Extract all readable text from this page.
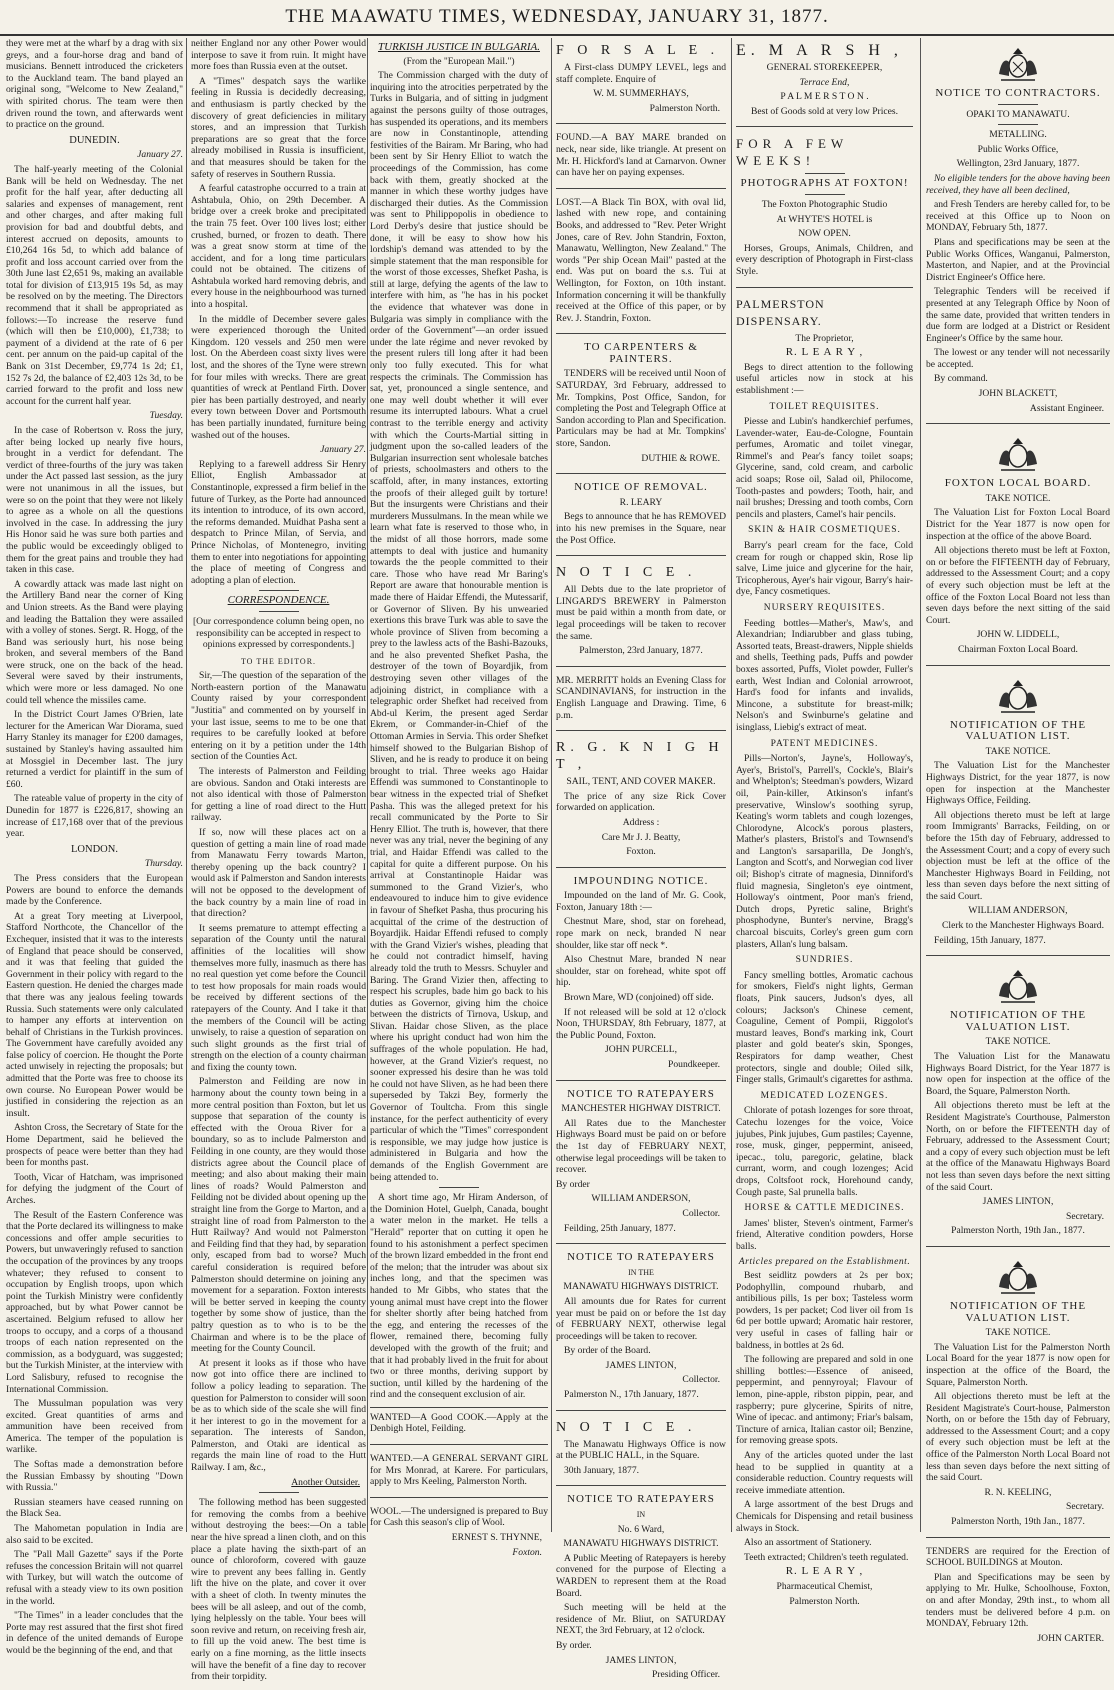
THE MAAWATU TIMES, WEDNESDAY, JANUARY 31, 1877.

they were met at the wharf by a drag with six greys, and a four-horse drag and band of musicians. Bennett introduced the cricketers to the Auckland team. The band played an original song, "Welcome to New Zealand," with spirited chorus. The team were then driven round the town, and afterwards went to practice on the ground.

DUNEDIN.

January 27.

The half-yearly meeting of the Colonial Bank will be held on Wednesday. The net profit for the half year, after deducting all salaries and expenses of management, rent and other charges, and after making full provision for bad and doubtful debts, and interest accrued on deposits, amounts to £10,264 16s 5d, to which add balance of profit and loss account carried over from the 30th June last £2,651 9s, making an available total for division of £13,915 19s 5d, as may be resolved on by the meeting. The Directors recommend that it shall be appropriated as follows:—To increase the reserve fund (which will then be £10,000), £1,738; to payment of a dividend at the rate of 6 per cent. per annum on the paid-up capital of the Bank on 31st December, £9,774 1s 2d; £1, 152 7s 2d, the balance of £2,403 12s 3d, to be carried forward to the profit and loss new account for the current half year.

Tuesday.

In the case of Robertson v. Ross the jury, after being locked up nearly five hours, brought in a verdict for defendant. The verdict of three-fourths of the jury was taken under the Act passed last session, as the jury were not unanimous in all the issues, but were so on the point that they were not likely to agree as a whole on all the questions involved in the case. In addressing the jury His Honor said he was sure both parties and the public would be exceedingly obliged to them for the great pains and trouble they had taken in this case.

A cowardly attack was made last night on the Artillery Band near the corner of King and Union streets. As the Band were playing and leading the Battalion they were assailed with a volley of stones. Sergt. R. Hogg, of the Band was seriously hurt, his nose being broken, and several members of the Band were struck, one on the back of the head. Several were saved by their instruments, which were more or less damaged. No one could tell whence the missiles came.

In the District Court James O'Brien, late lecturer for the American War Diorama, sued Harry Stanley its manager for £200 damages, sustained by Stanley's having assaulted him at Mossgiel in December last. The jury returned a verdict for plaintiff in the sum of £60.

The rateable value of property in the city of Dunedin for 1877 is £226,817, showing an increase of £17,168 over that of the previous year.

LONDON.

Thursday.

The Press considers that the European Powers are bound to enforce the demands made by the Conference.

At a great Tory meeting at Liverpool, Stafford Northcote, the Chancellor of the Exchequer, insisted that it was to the interests of England that peace should be conserved, and it was that feeling that guided the Government in their policy with regard to the Eastern question. He denied the charges made that there was any jealous feeling towards Russia. Such statements were only calculated to hamper any efforts at intervention on behalf of Christians in the Turkish provinces. The Government have carefully avoided any false policy of coercion. He thought the Porte acted unwisely in rejecting the proposals; but admitted that the Porte was free to choose its own course. No European Power would be justified in considering the rejection as an insult.

Ashton Cross, the Secretary of State for the Home Department, said he believed the prospects of peace were better than they had been for months past.

Tooth, Vicar of Hatcham, was imprisoned for defying the judgment of the Court of Arches.

The Result of the Eastern Conference was that the Porte declared its willingness to make concessions and offer ample securities to Powers, but unwaveringly refused to sanction the occupation of the provinces by any troops whatever; they refused to consent to occupation by English troops, upon which point the Turkish Ministry were confidently approached, but by what Power cannot be ascertained. Belgium refused to allow her troops to occupy, and a corps of a thousand troops of each nation represented on the commission, as a bodyguard, was suggested; but the Turkish Minister, at the interview with Lord Salisbury, refused to recognise the International Commission.

The Mussulman population was very excited. Great quantities of arms and ammunition have been received from America. The temper of the population is warlike.

The Softas made a demonstration before the Russian Embassy by shouting "Down with Russia."

Russian steamers have ceased running on the Black Sea.

The Mahometan population in India are also said to be excited.

The "Pall Mall Gazette" says if the Porte refuses the concession Britain will not quarrel with Turkey, but will watch the outcome of refusal with a steady view to its own position in the world.

"The Times" in a leader concludes that the Porte may rest assured that the first shot fired in defence of the united demands of Europe would be the beginning of the end, and that

neither England nor any other Power would interpose to save it from ruin. It might have more foes than Russia even at the outset.

A "Times" despatch says the warlike feeling in Russia is decidedly decreasing, and enthusiasm is partly checked by the discovery of great deficiencies in military stores, and an impression that Turkish preparations are so great that the force already mobilised in Russia is insufficient, and that measures should be taken for the safety of reserves in Southern Russia.

A fearful catastrophe occurred to a train at Ashtabula, Ohio, on 29th December. A bridge over a creek broke and precipitated the train 75 feet. Over 100 lives lost; either crushed, burned, or frozen to death. There was a great snow storm at time of the accident, and for a long time particulars could not be obtained. The citizens of Ashtabula worked hard removing debris, and every house in the neighbourhood was turned into a hospital.

In the middle of December severe gales were experienced thorough the United Kingdom. 120 vessels and 250 men were lost. On the Aberdeen coast sixty lives were lost, and the shores of the Tyne were strewn for four miles with wrecks. There are great quantities of wreck at Pentland Firth. Dover pier has been partially destroyed, and nearly every town between Dover and Portsmouth has been partially inundated, furniture being washed out of the houses.

January 27.

Replying to a farewell address Sir Henry Elliot, English Ambassador at Constantinople, expressed a firm belief in the future of Turkey, as the Porte had announced its intention to introduce, of its own accord, the reforms demanded. Muidhat Pasha sent a despatch to Prince Milan, of Servia, and Prince Nicholas, of Montenegro, inviting them to enter into negotiations for appointing the place of meeting of Congress and adopting a plan of election.

CORRESPONDENCE.

[Our correspondence column being open, no responsibility can be accepted in respect to opinions expressed by correspondents.]

TO THE EDITOR.

Sir,—The question of the separation of the North-eastern portion of the Manawatu County raised by your correspondent "Justitia" and commented on by yourself in your last issue, seems to me to be one that requires to be carefully looked at before entering on it by a petition under the 14th section of the Counties Act.

The interests of Palmerston and Feilding are obvious. Sandon and Otaki interests are not also identical with those of Palmerston for getting a line of road direct to the Hutt railway.

If so, now will these places act on a question of getting a main line of road made from Manawatu Ferry towards Marton, thereby opening up the back country? I would ask if Palmerston and Sandon interests will not be opposed to the development of the back country by a main line of road in that direction?

It seems premature to attempt effecting a separation of the County until the natural affinities of the localities will show themselves more fully, inasmuch as there has no real question yet come before the Council to test how proposals for main roads would be received by different sections of the ratepayers of the County. And I take it that the members of the Council will be acting unwisely, to raise a question of separation on such slight grounds as the first trial of strength on the election of a county chairman and fixing the county town.

Palmerston and Feilding are now in harmony about the county town being in a more central position than Foxton, but let us suppose that separation of the county is effected with the Oroua River for a boundary, so as to include Palmerston and Feilding in one county, are they would those districts agree about the Council place of meeting; and also about making their main lines of roads? Would Palmerston and Feilding not be divided about opening up the straight line from the Gorge to Marton, and a straight line of road from Palmerston to the Hutt Railway? And would not Palmerston and Feilding find that they had, by separation only, escaped from bad to worse? Much careful consideration is required before Palmerston should determine on joining any movement for a separation. Foxton interests will be better served in keeping the county together by some show of justice, than the paltry question as to who is to be the Chairman and where is to be the place of meeting for the County Council.

At present it looks as if those who have now got into office there are inclined to follow a policy leading to separation. The question for Palmerston to consider will soon be as to which side of the scale she will find it her interest to go in the movement for a separation. The interests of Sandon, Palmerston, and Otaki are identical as regards the main line of road to the Hutt Railway. I am, &c.,

Another Outsider.

The following method has been suggested for removing the combs from a beehive without destroying the bees:—On a table near the hive spread a linen cloth, and on this place a plate having the sixth-part of an ounce of chloroform, covered with gauze wire to prevent any bees falling in. Gently lift the hive on the plate, and cover it over with a sheet of cloth. In twenty minutes the bees will be all asleep, and out of the comb, lying helplessly on the table. Your bees will soon revive and return, on receiving fresh air, to fill up the void anew. The best time is early on a fine morning, as the little insects will have the benefit of a fine day to recover from their torpidity.

TURKISH JUSTICE IN BULGARIA.

(From the "European Mail.")

The Commission charged with the duty of inquiring into the atrocities perpetrated by the Turks in Bulgaria, and of sitting in judgment against the persons guilty of those outrages, has suspended its operations, and its members are now in Constantinople, attending festivities of the Bairam. Mr Baring, who had been sent by Sir Henry Elliot to watch the proceedings of the Commission, has come back with them, greatly shocked at the manner in which these worthy judges have discharged their duties. As the Commission was sent to Philippopolis in obedience to Lord Derby's desire that justice should be done, it will be easy to show how his lordship's demand was attended to by the simple statement that the man responsible for the worst of those excesses, Shefket Pasha, is still at large, defying the agents of the law to interfere with him, as "he has in his pocket the evidence that whatever was done in Bulgaria was simply in compliance with the order of the Government"—an order issued under the late régime and never revoked by the present rulers till long after it had been only too fully executed. This for what respects the criminals. The Commission has sat, yet, pronounced a single sentence, and one may well doubt whether it will ever resume its interrupted labours. What a cruel contrast to the terrible energy and activity with which the Courts-Martial sitting in judgment upon the so-called leaders of the Bulgarian insurrection sent wholesale batches of priests, schoolmasters and others to the scaffold, after, in many instances, extorting the proofs of their alleged guilt by torture! But the insurgents were Christians and their murderers Mussulmans. In the mean while we learn what fate is reserved to those who, in the midst of all those horrors, made some attempts to deal with justice and humanity towards the the people committed to their care. Those who have read Mr Baring's Report are aware that honourable mention is made there of Haidar Effendi, the Mutessarif, or Governor of Sliven. By his unwearied exertions this brave Turk was able to save the whole province of Sliven from becoming a prey to the lawless acts of the Bashi-Bazouks, and he also prevented Shefket Pasha, the destroyer of the town of Boyardjik, from destroying seven other villages of the adjoining district, in compliance with a telegraphic order Shefket had received from Abd-ul Kerim, the present aged Serdar Ekrem, or Commander-in-Chief of the Ottoman Armies in Servia. This order Shefket himself showed to the Bulgarian Bishop of Sliven, and he is ready to produce it on being brought to trial. Three weeks ago Haidar Effendi was summoned to Constantinople to bear witness in the expected trial of Shefket Pasha. This was the alleged pretext for his recall communicated by the Porte to Sir Henry Elliot. The truth is, however, that there never was any trial, never the begining of any trial, and Haidar Effendi was called to the capital for quite a different purpose. On his arrival at Constantinople Haidar was summoned to the Grand Vizier's, who endeavoured to induce him to give evidence in favour of Shefket Pasha, thus procuring his acquittal of the crime of the destruction of Boyardjik. Haidar Effendi refused to comply with the Grand Vizier's wishes, pleading that he could not contradict himself, having already told the truth to Messrs. Schuyler and Baring. The Grand Vizier then, affecting to respect his scruples, bade him go back to his duties as Governor, giving him the choice between the districts of Tirnova, Uskup, and Slivan. Haidar chose Sliven, as the place where his upright conduct had won him the suffrages of the whole population. He had, however, at the Grand Vizier's request, no sooner expressed his desire than he was told he could not have Sliven, as he had been there superseded by Takzi Bey, formerly the Governor of Toultcha. From this single instance, for the perfect authenticity of every particular of which the "Times" correspondent is responsible, we may judge how justice is administered in Bulgaria and how the demands of the English Government are being attended to.

A short time ago, Mr Hiram Anderson, of the Dominion Hotel, Guelph, Canada, bought a water melon in the market. He tells a "Herald" reporter that on cutting it open he found to his astonishment a perfect specimen of the brown lizard embedded in the front end of the melon; that the intruder was about six inches long, and that the specimen was handed to Mr Gibbs, who states that the young animal must have crept into the flower for shelter shortly after being hatched from the egg, and entering the recesses of the flower, remained there, becoming fully developed with the growth of the fruit; and that it had probably lived in the fruit for about two or three months, deriving support by suction, until killed by the hardening of the rind and the consequent exclusion of air.

WANTED—A Good COOK.—Apply at the Denbigh Hotel, Feilding.

WANTED.—A GENERAL SERVANT GIRL for Mrs Monrad, at Karere. For particulars, apply to Mrs Keeling, Palmerston North.

WOOL.—The undersigned is prepared to Buy for Cash this season's clip of Wool.

ERNEST S. THYNNE,

Foxton.

F O R S A L E .

A First-class DUMPY LEVEL, legs and staff complete. Enquire of

W. M. SUMMERHAYS,

Palmerston North.

FOUND.—A BAY MARE branded on neck, near side, like triangle. At present on Mr. H. Hickford's land at Carnarvon. Owner can have her on paying expenses.

LOST.—A Black Tin BOX, with oval lid, lashed with new rope, and containing Books, and addressed to "Rev. Peter Wright Jones, care of Rev. John Standrin, Foxton, Manawatu, Wellington, New Zealand." The words "Per ship Ocean Mail" pasted at the end. Was put on board the s.s. Tui at Wellington, for Foxton, on 10th instant. Information concerning it will be thankfully received at the Office of this paper, or by Rev. J. Standrin, Foxton.

TO CARPENTERS & PAINTERS.

TENDERS will be received until Noon of SATURDAY, 3rd February, addressed to Mr. Tompkins, Post Office, Sandon, for completing the Post and Telegraph Office at Sandon according to Plan and Specification. Particulars may be had at Mr. Tompkins' store, Sandon.

DUTHIE & ROWE.

NOTICE OF REMOVAL.

R. LEARY

Begs to announce that he has REMOVED into his new premises in the Square, near the Post Office.

N O T I C E .

All Debts due to the late proprietor of LINGARD'S BREWERY in Palmerston must be paid within a month from date, or legal proceedings will be taken to recover the same.

Palmerston, 23rd January, 1877.

MR. MERRITT holds an Evening Class for SCANDINAVIANS, for instruction in the English Language and Drawing. Time, 6 p.m.

R. G. K N I G H T ,

SAIL, TENT, AND COVER MAKER.

The price of any size Rick Cover forwarded on application.

Address :

Care Mr J. J. Beatty,

Foxton.

IMPOUNDING NOTICE.

Impounded on the land of Mr. G. Cook, Foxton, January 18th :—

Chestnut Mare, shod, star on forehead, rope mark on neck, branded N near shoulder, like star off neck *.

Also Chestnut Mare, branded N near shoulder, star on forehead, white spot off hip.

Brown Mare, WD (conjoined) off side.

If not released will be sold at 12 o'clock Noon, THURSDAY, 8th February, 1877, at the Public Pound, Foxton.

JOHN PURCELL,

Poundkeeper.

NOTICE TO RATEPAYERS

MANCHESTER HIGHWAY DISTRICT.

All Rates due to the Manchester Highways Board must be paid on or before the 1st day of FEBRUARY NEXT, otherwise legal proceedings will be taken to recover.

By order

WILLIAM ANDERSON,

Collector.

Feilding, 25th January, 1877.

NOTICE TO RATEPAYERS

IN THE

MANAWATU HIGHWAYS DISTRICT.

All amounts due for Rates for current year must be paid on or before the 1st day of FEBRUARY NEXT, otherwise legal proceedings will be taken to recover.

By order of the Board.

JAMES LINTON,

Collector.

Palmerston N., 17th January, 1877.

N O T I C E .

The Manawatu Highways Office is now at the PUBLIC HALL, in the Square.

30th January, 1877.

NOTICE TO RATEPAYERS

IN

No. 6 Ward,

MANAWATU HIGHWAYS DISTRICT.

A Public Meeting of Ratepayers is hereby convened for the purpose of Electing a WARDEN to represent them at the Road Board.

Such meeting will be held at the residence of Mr. Bliut, on SATURDAY NEXT, the 3rd February, at 12 o'clock.

By order.

JAMES LINTON,

Presiding Officer.

E. M A R S H ,

GENERAL STOREKEEPER,

Terrace End,

P A L M E R S T O N .

Best of Goods sold at very low Prices.

FOR A FEW WEEKS!

PHOTOGRAPHS AT FOXTON!

The Foxton Photographic Studio

At WHYTE'S HOTEL is

NOW OPEN.

Horses, Groups, Animals, Children, and every description of Photograph in First-class Style.

PALMERSTON DISPENSARY.

The Proprietor,

R. L E A R Y ,

Begs to direct attention to the following useful articles now in stock at his establishment :—

TOILET REQUISITES.

Piesse and Lubin's handkerchief perfumes, Lavender-water, Eau-de-Cologne, Fountain perfumes, Aromatic and toilet vinegar, Rimmel's and Pear's fancy toilet soaps; Glycerine, sand, cold cream, and carbolic acid soaps; Rose oil, Salad oil, Philocome, Tooth-pastes and powders; Tooth, hair, and nail brushes; Dressing and tooth combs, Corn pencils and plasters, Camel's hair pencils.

SKIN & HAIR COSMETIQUES.

Barry's pearl cream for the face, Cold cream for rough or chapped skin, Rose lip salve, Lime juice and glycerine for the hair, Tricopherous, Ayer's hair vigour, Barry's hair-dye, Fancy cosmetiques.

NURSERY REQUISITES.

Feeding bottles—Mather's, Maw's, and Alexandrian; Indiarubber and glass tubing, Assorted teats, Breast-drawers, Nipple shields and shells, Teething pads, Puffs and powder boxes assorted, Puffs, Violet powder, Fuller's earth, West Indian and Colonial arrowroot, Hard's food for infants and invalids, Mincone, a substitute for breast-milk; Nelson's and Swinburne's gelatine and isinglass, Liebig's extract of meat.

PATENT MEDICINES.

Pills—Norton's, Jayne's, Holloway's, Ayer's, Bristol's, Parrell's, Cockle's, Blair's and Whelpton's; Steedman's powders, Wizard oil, Pain-killer, Atkinson's infant's preservative, Winslow's soothing syrup, Keating's worm tablets and cough lozenges, Chlorodyne, Alcock's porous plasters, Mather's plasters, Bristol's and Townsend's and Langton's sarsaparilla, De Jongh's, Langton and Scott's, and Norwegian cod liver oil; Bishop's citrate of magnesia, Dinniford's fluid magnesia, Singleton's eye ointment, Holloway's ointment, Poor man's friend, Dutch drops, Pyretic saline, Bright's phosphodyne, Bunter's nervine, Bragg's charcoal biscuits, Corley's green gum corn plasters, Allan's lung balsam.

SUNDRIES.

Fancy smelling bottles, Aromatic cachous for smokers, Field's night lights, German floats, Pink saucers, Judson's dyes, all colours; Jackson's Chinese cement, Coaguline, Cement of Pompii, Riggolot's mustard leaves, Bond's marking ink, Court plaster and gold beater's skin, Sponges, Respirators for damp weather, Chest protectors, single and double; Oiled silk, Finger stalls, Grimault's cigarettes for asthma.

MEDICATED LOZENGES.

Chlorate of potash lozenges for sore throat, Catechu lozenges for the voice, Voice jujubes, Pink jujubes, Gum pastiles; Cayenne, rose, musk, ginger, peppermint, aniseed, ipecac., tolu, paregoric, gelatine, black currant, worm, and cough lozenges; Acid drops, Coltsfoot rock, Horehound candy, Cough paste, Sal prunella balls.

HORSE & CATTLE MEDICINES.

James' blister, Steven's ointment, Farmer's friend, Alterative condition powders, Horse balls.

Articles prepared on the Establishment.

Best seidlitz powders at 2s per box; Podophyllin, compound rhubarb, and antibilious pills, 1s per box; Tasteless worm powders, 1s per packet; Cod liver oil from 1s 6d per bottle upward; Aromatic hair restorer, very useful in cases of falling hair or baldness, in bottles at 2s 6d.

The following are prepared and sold in one shilling bottles:—Essence of aniseed, peppermint, and pennyroyal; Flavour of lemon, pine-apple, ribston pippin, pear, and raspberry; pure glycerine, Spirits of nitre, Wine of ipecac. and antimony; Friar's balsam, Tincture of arnica, Italian castor oil; Benzine, for removing grease spots.

Any of the articles quoted under the last head to be supplied in quantity at a considerable reduction. Country requests will receive immediate attention.

A large assortment of the best Drugs and Chemicals for Dispensing and retail business always in Stock.

Also an assortment of Stationery.

Teeth extracted; Children's teeth regulated.

R. L E A R Y ,

Pharmaceutical Chemist,

Palmerston North.

NOTICE TO CONTRACTORS.

OPAKI TO MANAWATU.

METALLING.

Public Works Office,

Wellington, 23rd January, 1877.

No eligible tenders for the above having been received, they have all been declined,

and Fresh Tenders are hereby called for, to be received at this Office up to Noon on MONDAY, February 5th, 1877.

Plans and specifications may be seen at the Public Works Offices, Wanganui, Palmerston, Masterton, and Napier, and at the Provincial District Engineer's Office here.

Telegraphic Tenders will be received if presented at any Telegraph Office by Noon of the same date, provided that written tenders in due form are lodged at a District or Resident Engineer's Office by the same hour.

The lowest or any tender will not necessarily be accepted.

By command.

JOHN BLACKETT,

Assistant Engineer.

FOXTON LOCAL BOARD.

TAKE NOTICE.

The Valuation List for Foxton Local Board District for the Year 1877 is now open for inspection at the office of the above Board.

All objections thereto must be left at Foxton, on or before the FIFTEENTH day of February, addressed to the Assessment Court; and a copy of every such objection must be left at the office of the Foxton Local Board not less than seven days before the next sitting of the said Court.

JOHN W. LIDDELL,

Chairman Foxton Local Board.

NOTIFICATION OF THE VALUATION LIST.

TAKE NOTICE.

The Valuation List for the Manchester Highways District, for the year 1877, is now open for inspection at the Manchester Highways Office, Feilding.

All objections thereto must be left at large room Immigrants' Barracks, Feilding, on or before the 15th day of February, addressed to the Assessment Court; and a copy of every such objection must be left at the office of the Manchester Highways Board in Feilding, not less than seven days before the next sitting of the said Court.

WILLIAM ANDERSON,

Clerk to the Manchester Highways Board.

Feilding, 15th January, 1877.

NOTIFICATION OF THE VALUATION LIST.

TAKE NOTICE.

The Valuation List for the Manawatu Highways Board District, for the Year 1877 is now open for inspection at the office of the Board, the Square, Palmerston North.

All objections thereto must be left at the Resident Magistrate's Courthouse, Palmerston North, on or before the FIFTEENTH day of February, addressed to the Assessment Court; and a copy of every such objection must be left at the office of the Manawatu Highways Board not less than seven days before the next sitting of the said Court.

JAMES LINTON,

Secretary.

Palmerston North, 19th Jan., 1877.

NOTIFICATION OF THE VALUATION LIST.

TAKE NOTICE.

The Valuation List for the Palmerston North Local Board for the year 1877 is now open for inspection at the office of the Board, the Square, Palmerston North.

All objections thereto must be left at the Resident Magistrate's Court-house, Palmerston North, on or before the 15th day of February, addressed to the Assessment Court; and a copy of every such objection must be left at the office of the Palmerston North Local Board not less than seven days before the next sitting of the said Court.

R. N. KEELING,

Secretary.

Palmerston North, 19th Jan., 1877.

TENDERS are required for the Erection of SCHOOL BUILDINGS at Mouton.

Plan and Specifications may be seen by applying to Mr. Hulke, Schoolhouse, Foxton, on and after Monday, 29th inst., to whom all tenders must be delivered before 4 p.m. on MONDAY, February 12th.

JOHN CARTER.
